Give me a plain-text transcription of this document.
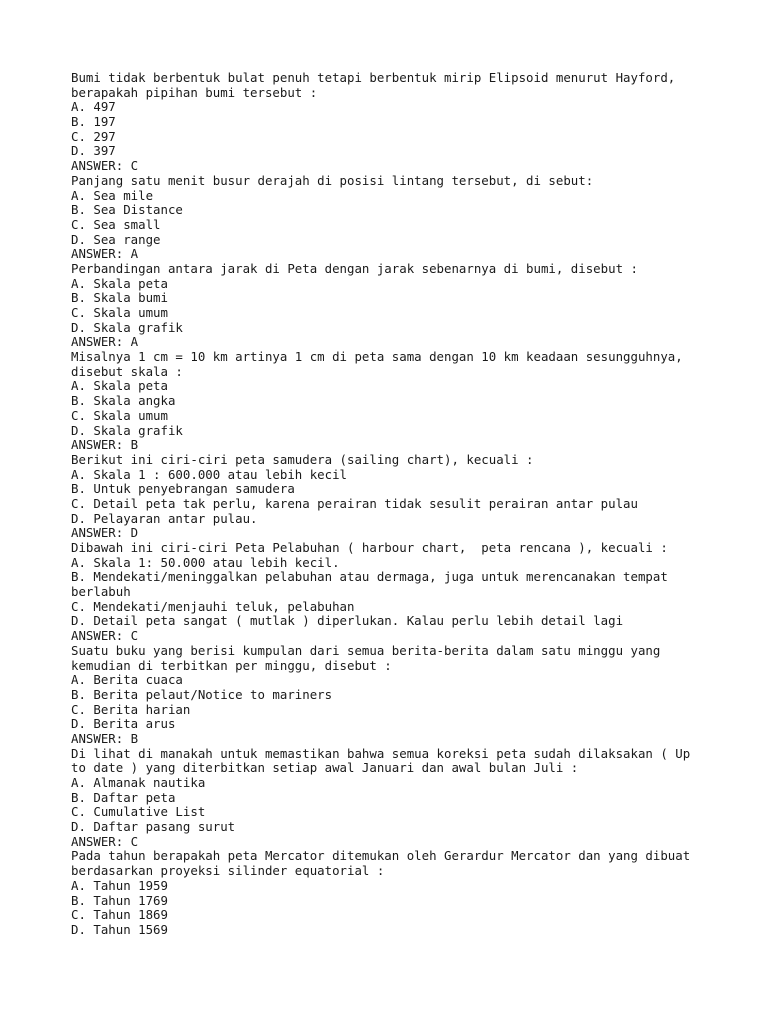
Bumi tidak berbentuk bulat penuh tetapi berbentuk mirip Elipsoid menurut Hayford,
berapakah pipihan bumi tersebut :
A. 497
B. 197
C. 297
D. 397
ANSWER: C
Panjang satu menit busur derajah di posisi lintang tersebut, di sebut:
A. Sea mile
B. Sea Distance
C. Sea small
D. Sea range
ANSWER: A
Perbandingan antara jarak di Peta dengan jarak sebenarnya di bumi, disebut :
A. Skala peta
B. Skala bumi
C. Skala umum
D. Skala grafik
ANSWER: A
Misalnya 1 cm = 10 km artinya 1 cm di peta sama dengan 10 km keadaan sesungguhnya,
disebut skala :
A. Skala peta
B. Skala angka
C. Skala umum
D. Skala grafik
ANSWER: B
Berikut ini ciri-ciri peta samudera (sailing chart), kecuali :
A. Skala 1 : 600.000 atau lebih kecil
B. Untuk penyebrangan samudera
C. Detail peta tak perlu, karena perairan tidak sesulit perairan antar pulau
D. Pelayaran antar pulau.
ANSWER: D
Dibawah ini ciri-ciri Peta Pelabuhan ( harbour chart,  peta rencana ), kecuali :
A. Skala 1: 50.000 atau lebih kecil.
B. Mendekati/meninggalkan pelabuhan atau dermaga, juga untuk merencanakan tempat
berlabuh
C. Mendekati/menjauhi teluk, pelabuhan
D. Detail peta sangat ( mutlak ) diperlukan. Kalau perlu lebih detail lagi
ANSWER: C
Suatu buku yang berisi kumpulan dari semua berita-berita dalam satu minggu yang
kemudian di terbitkan per minggu, disebut :
A. Berita cuaca
B. Berita pelaut/Notice to mariners
C. Berita harian
D. Berita arus
ANSWER: B
Di lihat di manakah untuk memastikan bahwa semua koreksi peta sudah dilaksakan ( Up
to date ) yang diterbitkan setiap awal Januari dan awal bulan Juli :
A. Almanak nautika
B. Daftar peta
C. Cumulative List
D. Daftar pasang surut
ANSWER: C
Pada tahun berapakah peta Mercator ditemukan oleh Gerardur Mercator dan yang dibuat
berdasarkan proyeksi silinder equatorial :
A. Tahun 1959
B. Tahun 1769
C. Tahun 1869
D. Tahun 1569
